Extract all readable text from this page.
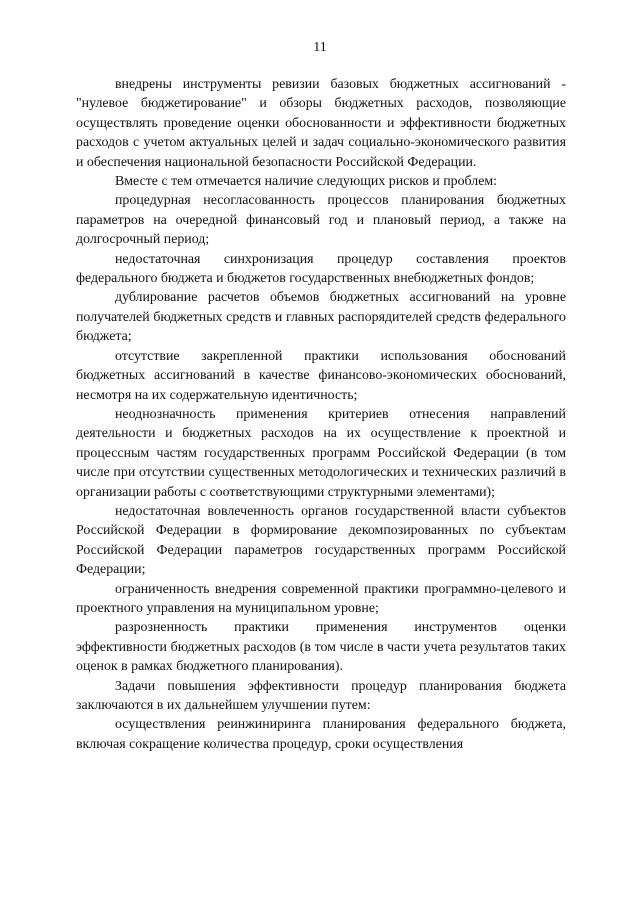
11

внедрены инструменты ревизии базовых бюджетных ассигнований - "нулевое бюджетирование" и обзоры бюджетных расходов, позволяющие осуществлять проведение оценки обоснованности и эффективности бюджетных расходов с учетом актуальных целей и задач социально-экономического развития и обеспечения национальной безопасности Российской Федерации.

Вместе с тем отмечается наличие следующих рисков и проблем:

процедурная несогласованность процессов планирования бюджетных параметров на очередной финансовый год и плановый период, а также на долгосрочный период;

недостаточная синхронизация процедур составления проектов федерального бюджета и бюджетов государственных внебюджетных фондов;

дублирование расчетов объемов бюджетных ассигнований на уровне получателей бюджетных средств и главных распорядителей средств федерального бюджета;

отсутствие закрепленной практики использования обоснований бюджетных ассигнований в качестве финансово-экономических обоснований, несмотря на их содержательную идентичность;

неоднозначность применения критериев отнесения направлений деятельности и бюджетных расходов на их осуществление к проектной и процессным частям государственных программ Российской Федерации (в том числе при отсутствии существенных методологических и технических различий в организации работы с соответствующими структурными элементами);

недостаточная вовлеченность органов государственной власти субъектов Российской Федерации в формирование декомпозированных по субъектам Российской Федерации параметров государственных программ Российской Федерации;

ограниченность внедрения современной практики программно-целевого и проектного управления на муниципальном уровне;

разрозненность практики применения инструментов оценки эффективности бюджетных расходов (в том числе в части учета результатов таких оценок в рамках бюджетного планирования).

Задачи повышения эффективности процедур планирования бюджета заключаются в их дальнейшем улучшении путем:

осуществления реинжиниринга планирования федерального бюджета, включая сокращение количества процедур, сроки осуществления
